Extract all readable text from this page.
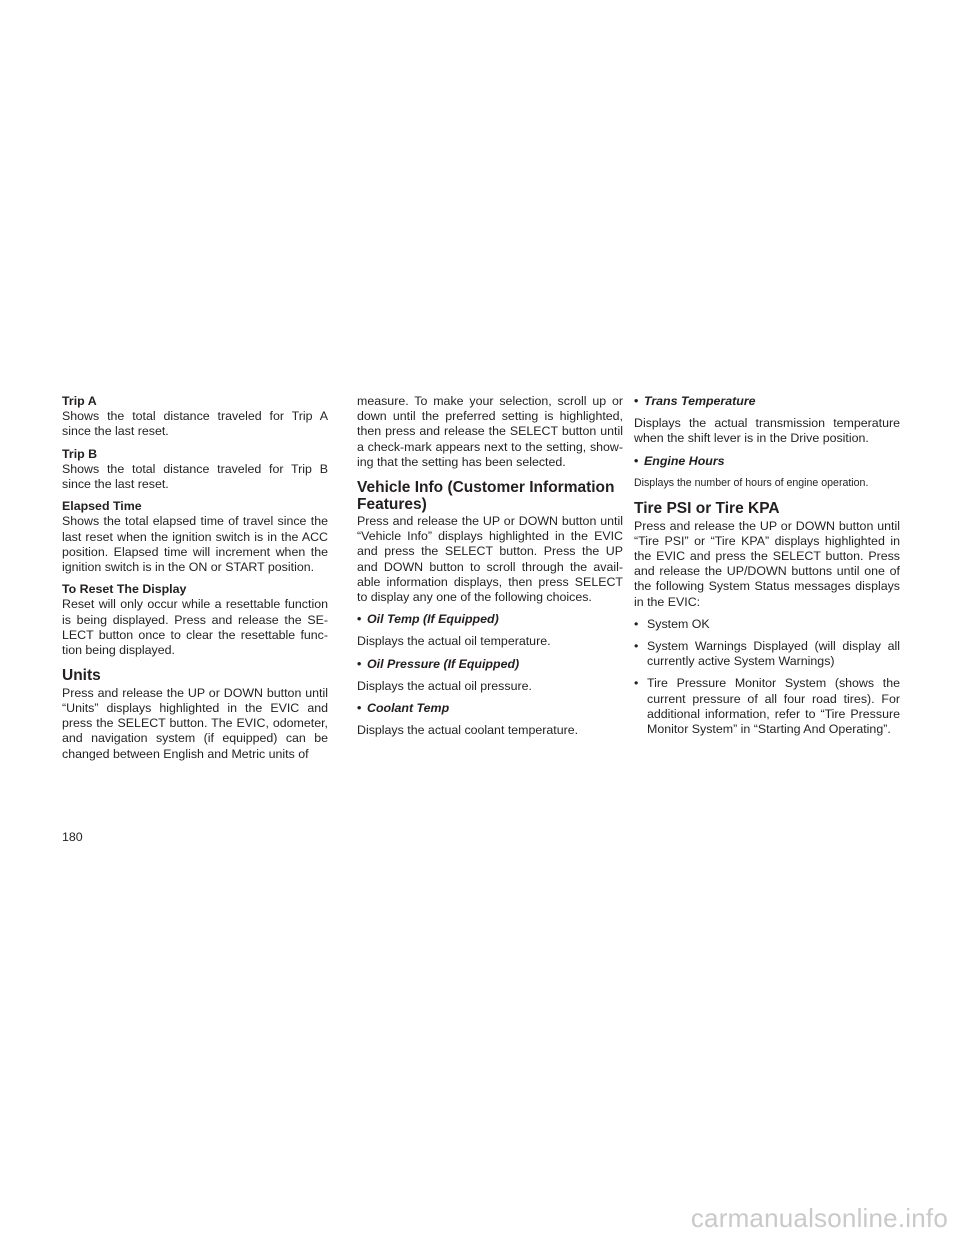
Trip A

Shows the total distance traveled for Trip A since the last reset.

Trip B

Shows the total distance traveled for Trip B since the last reset.

Elapsed Time

Shows the total elapsed time of travel since the last reset when the ignition switch is in the ACC position. Elapsed time will increment when the ignition switch is in the ON or START position.

To Reset The Display

Reset will only occur while a resettable function is being displayed. Press and release the SE-LECT button once to clear the resettable func-tion being displayed.

Units

Press and release the UP or DOWN button until “Units” displays highlighted in the EVIC and press the SELECT button. The EVIC, odometer, and navigation system (if equipped) can be changed between English and Metric units of

measure. To make your selection, scroll up or down until the preferred setting is highlighted, then press and release the SELECT button until a check-mark appears next to the setting, show-ing that the setting has been selected.

Vehicle Info (Customer Information Features)

Press and release the UP or DOWN button until “Vehicle Info” displays highlighted in the EVIC and press the SELECT button. Press the UP and DOWN button to scroll through the avail-able information displays, then press SELECT to display any one of the following choices.

• Oil Temp (If Equipped)

Displays the actual oil temperature.

• Oil Pressure (If Equipped)

Displays the actual oil pressure.

• Coolant Temp

Displays the actual coolant temperature.

• Trans Temperature

Displays the actual transmission temperature when the shift lever is in the Drive position.

• Engine Hours

Displays the number of hours of engine operation.

Tire PSI or Tire KPA

Press and release the UP or DOWN button until “Tire PSI” or “Tire KPA” displays highlighted in the EVIC and press the SELECT button. Press and release the UP/DOWN buttons until one of the following System Status messages displays in the EVIC:

• System OK
• System Warnings Displayed (will display all currently active System Warnings)
• Tire Pressure Monitor System (shows the current pressure of all four road tires). For additional information, refer to “Tire Pressure Monitor System” in “Starting And Operating”.
180
carmanualsonline.info
